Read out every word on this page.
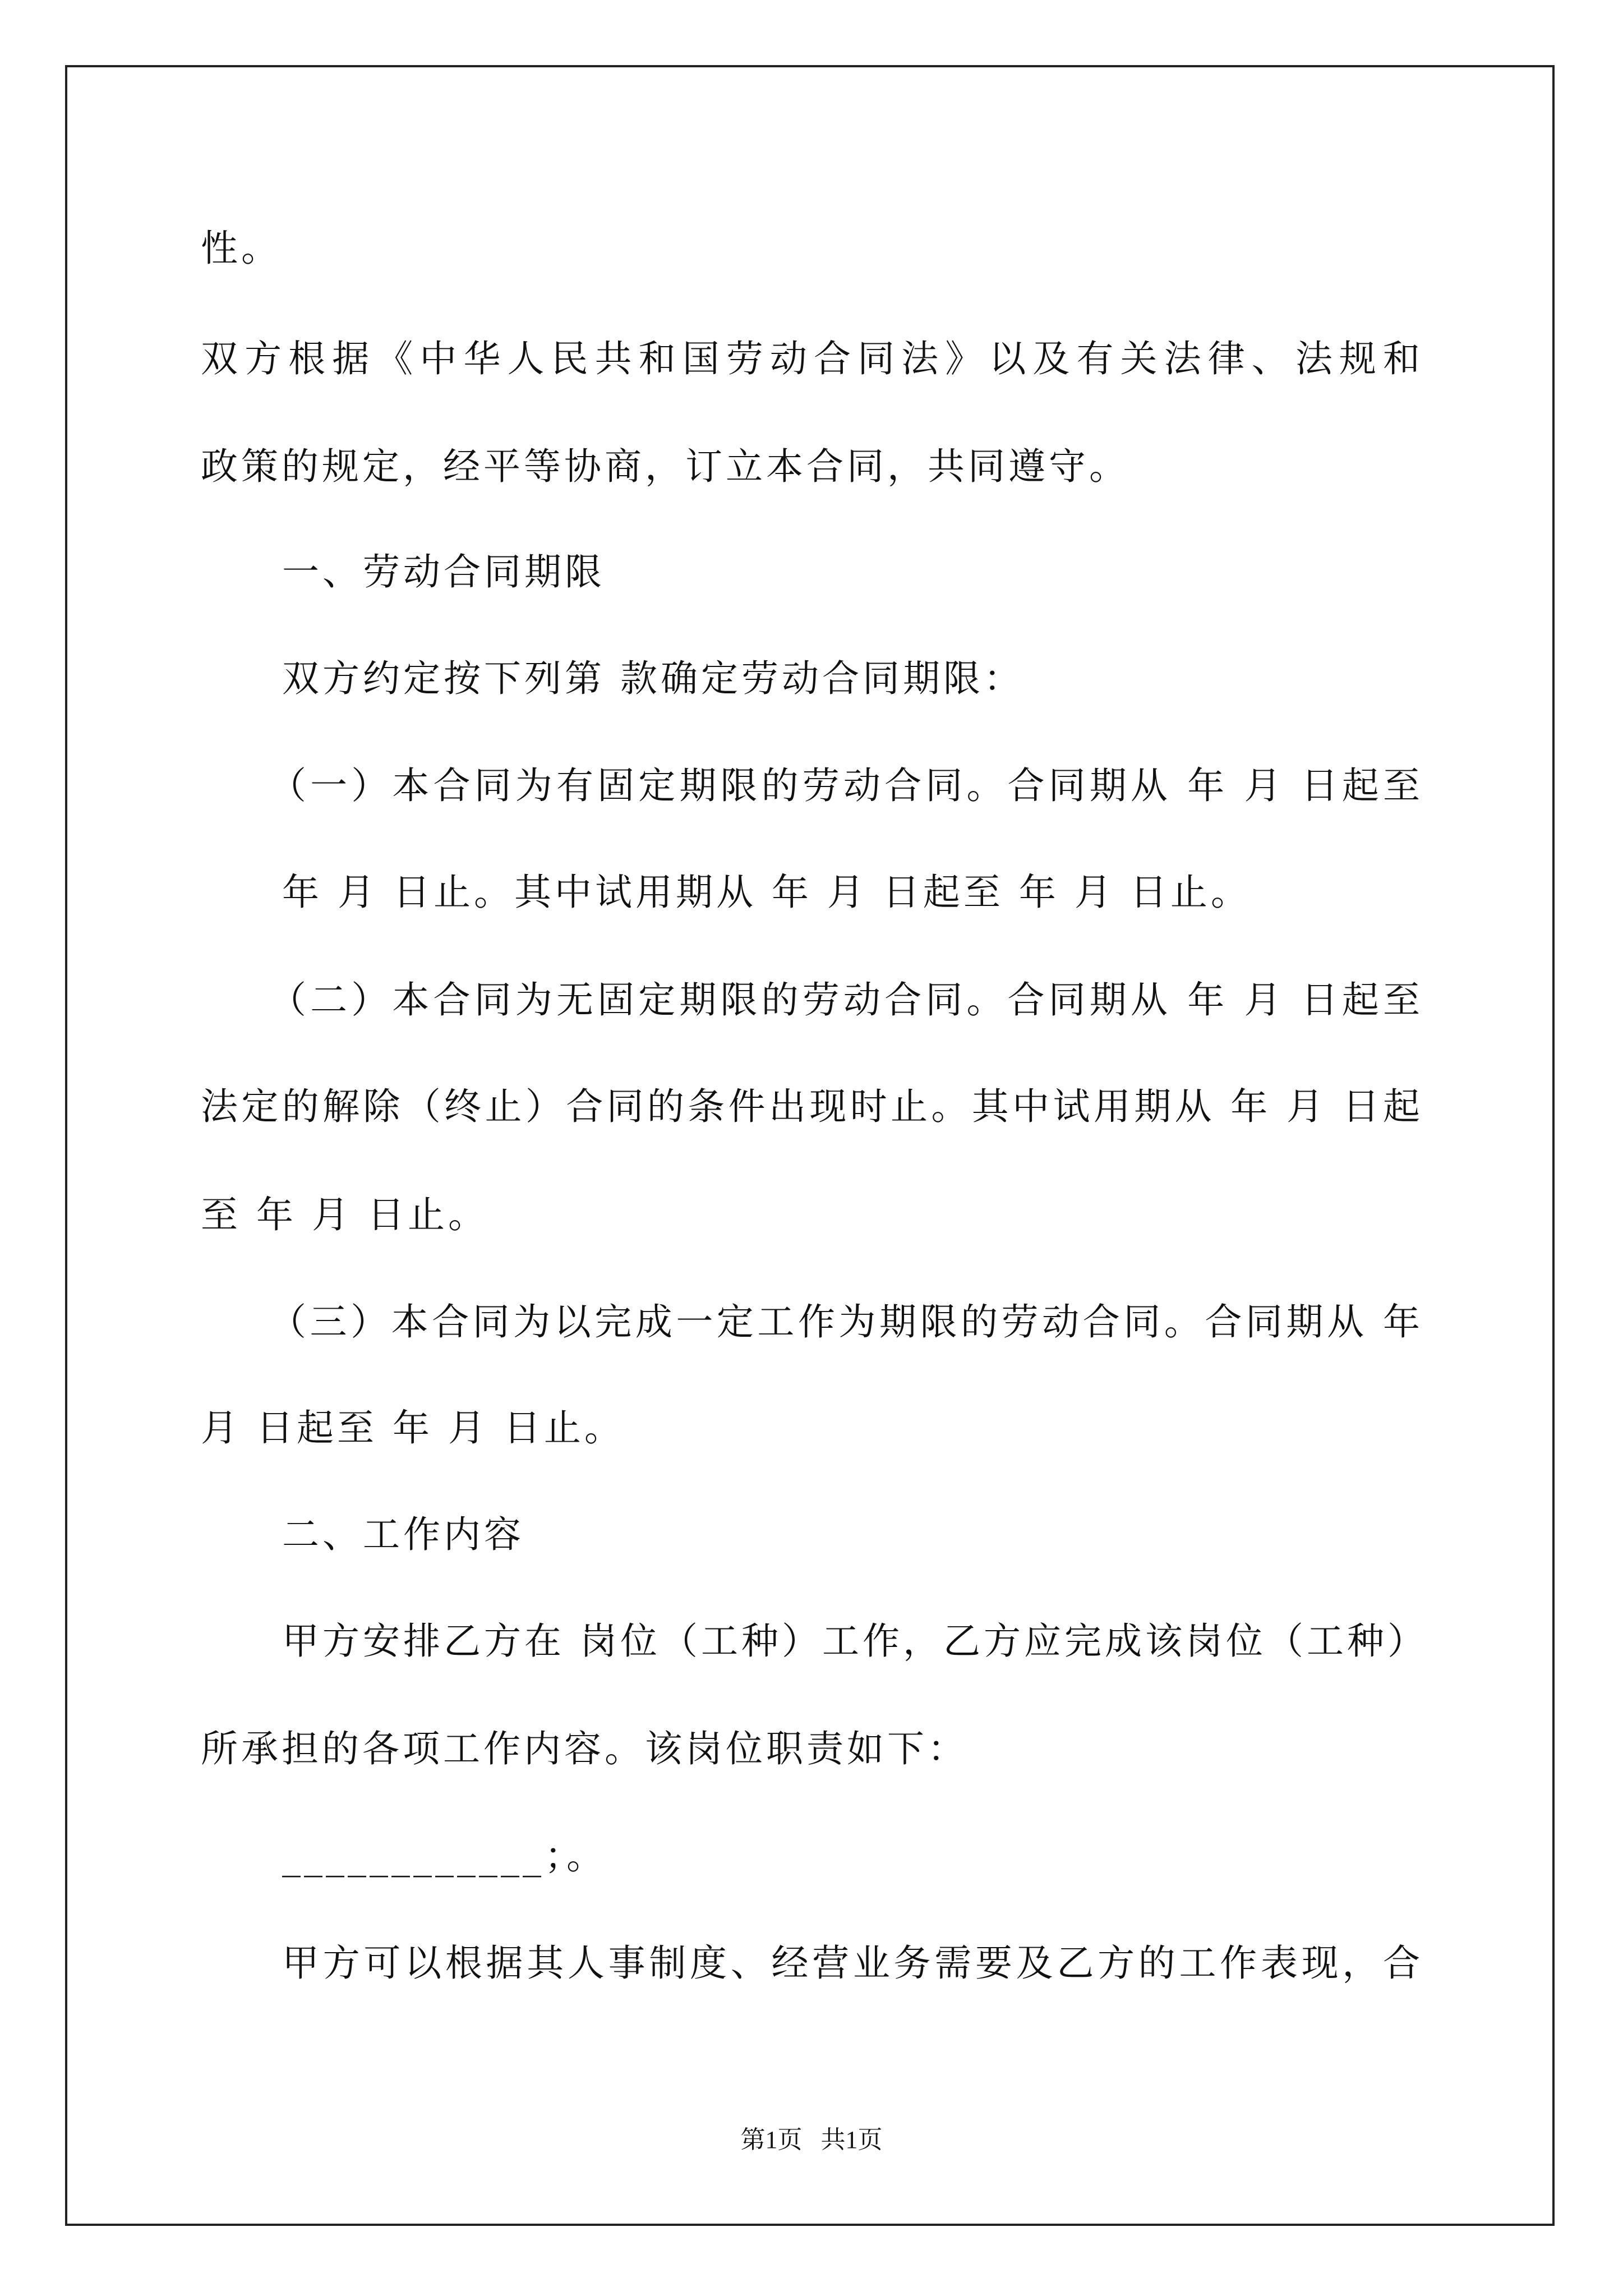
性。
双方根据《中华人民共和国劳动合同法》以及有关法律、法规和
政策的规定，经平等协商，订立本合同，共同遵守。
一、劳动合同期限
双方约定按下列第 款确定劳动合同期限：
（一）本合同为有固定期限的劳动合同。合同期从 年 月 日起至
年 月 日止。其中试用期从 年 月 日起至 年 月 日止。
（二）本合同为无固定期限的劳动合同。合同期从 年 月 日起至
法定的解除（终止）合同的条件出现时止。其中试用期从 年 月 日起
至 年 月 日止。
（三）本合同为以完成一定工作为期限的劳动合同。合同期从 年
月 日起至 年 月 日止。
二、工作内容
甲方安排乙方在 岗位（工种）工作，乙方应完成该岗位（工种）
所承担的各项工作内容。该岗位职责如下：
____________；。
甲方可以根据其人事制度、经营业务需要及乙方的工作表现，合
第1页   共1页
